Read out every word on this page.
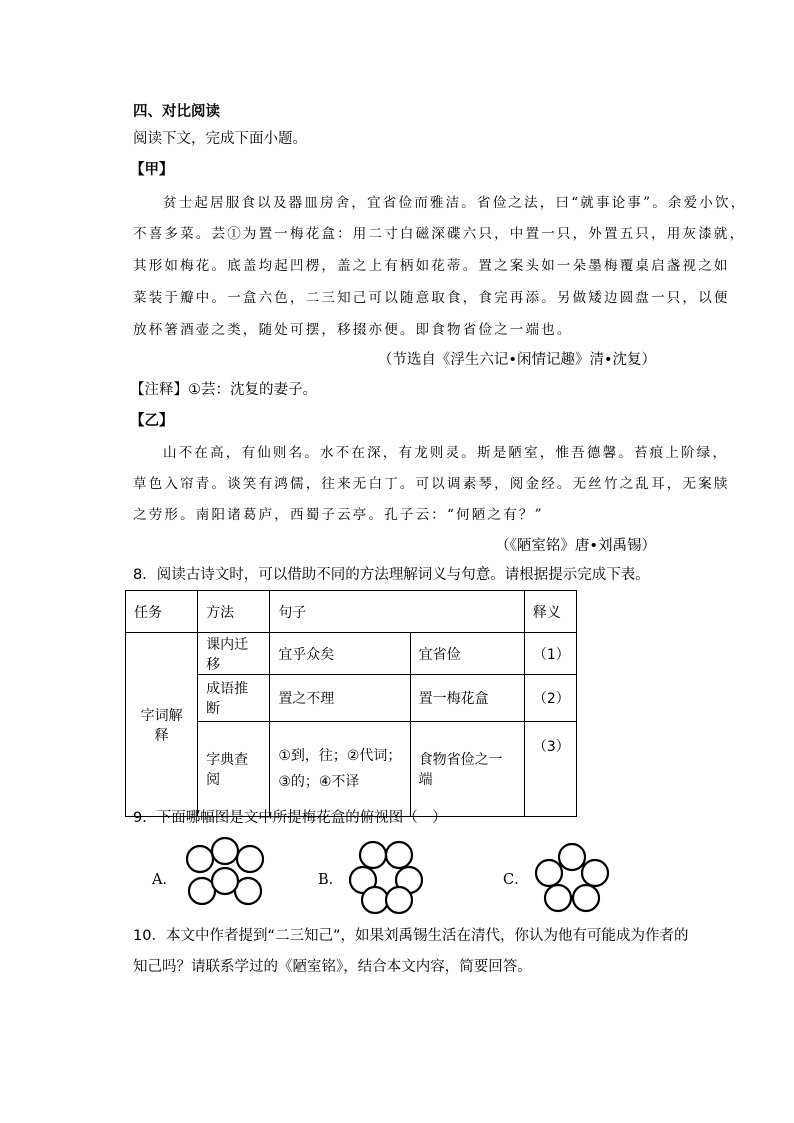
四、对比阅读
阅读下文，完成下面小题。
【甲】
贫士起居服食以及器皿房舍，宜省俭而雅洁。省俭之法，曰“就事论事”。余爱小饮，
不喜多菜。芸①为置一梅花盒：用二寸白磁深碟六只，中置一只，外置五只，用灰漆就，
其形如梅花。底盖均起凹楞，盖之上有柄如花蒂。置之案头如一朵墨梅覆桌启盏视之如
菜装于瓣中。一盒六色，二三知己可以随意取食，食完再添。另做矮边圆盘一只，以便
放杯箸酒壶之类，随处可摆，移掇亦便。即食物省俭之一端也。
（节选自《浮生六记•闲情记趣》清•沈复）
【注释】①芸：沈复的妻子。
【乙】
山不在高，有仙则名。水不在深，有龙则灵。斯是陋室，惟吾德馨。苔痕上阶绿，
草色入帘青。谈笑有鸿儒，往来无白丁。可以调素琴，阅金经。无丝竹之乱耳，无案牍
之劳形。南阳诸葛庐，西蜀子云亭。孔子云：“何陋之有？”
（《陋室铭》唐•刘禹锡）
8．阅读古诗文时，可以借助不同的方法理解词义与句意。请根据提示完成下表。
任务	方法	句子		释义
字词解释	课内迁移	宜乎众矣	宜省俭	（1）
	成语推断	置之不理	置一梅花盒	（2）
	字典查阅	①到，往；②代词；
③的；④不译	食物省俭之一端	（3）
9．下面哪幅图是文中所提梅花盒的俯视图（　）
A．	B．	C．
10．本文中作者提到“二三知己”，如果刘禹锡生活在清代，你认为他有可能成为作者的
知己吗？请联系学过的《陋室铭》，结合本文内容，简要回答。
